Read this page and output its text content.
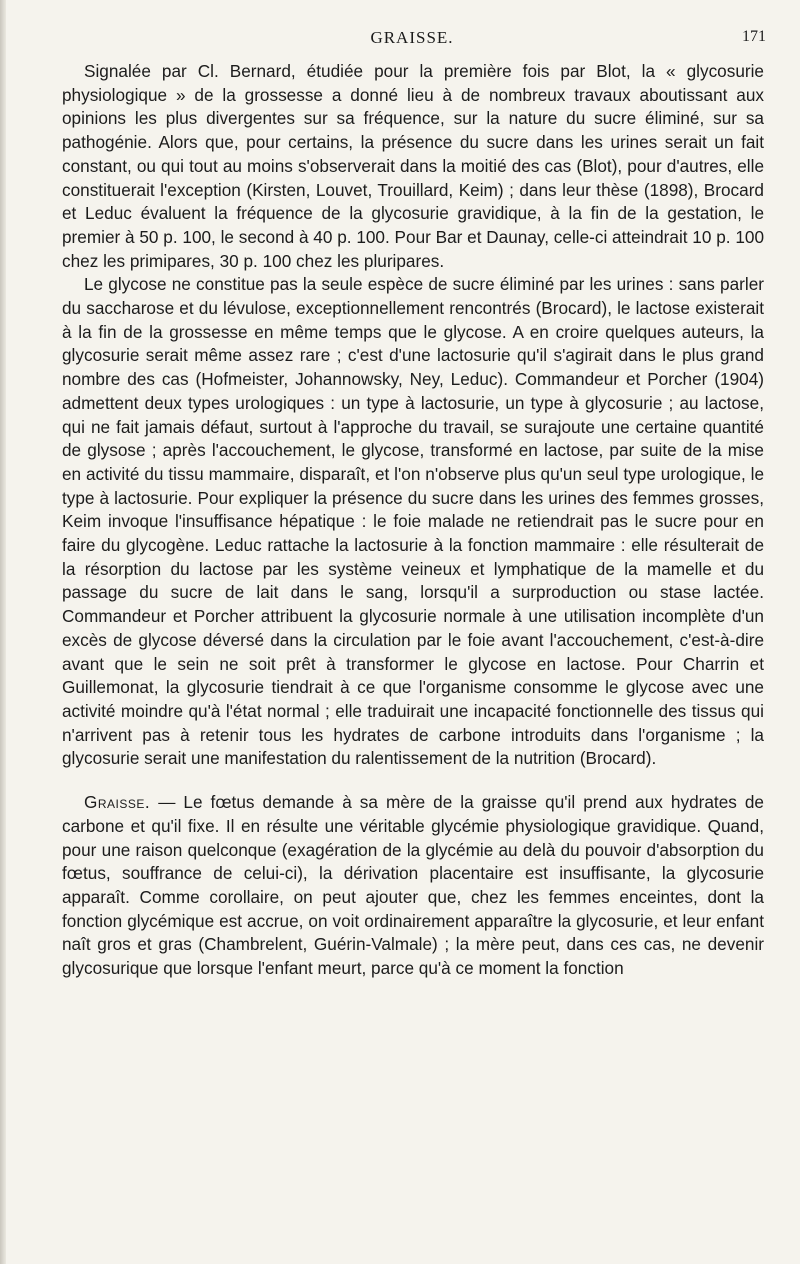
GRAISSE.	171

Signalée par Cl. Bernard, étudiée pour la première fois par Blot, la « glycosurie physiologique » de la grossesse a donné lieu à de nombreux travaux aboutissant aux opinions les plus divergentes sur sa fréquence, sur la nature du sucre éliminé, sur sa pathogénie. Alors que, pour certains, la présence du sucre dans les urines serait un fait constant, ou qui tout au moins s'observerait dans la moitié des cas (Blot), pour d'autres, elle constituerait l'exception (Kirsten, Louvet, Trouillard, Keim) ; dans leur thèse (1898), Brocard et Leduc évaluent la fréquence de la glycosurie gravidique, à la fin de la gestation, le premier à 50 p. 100, le second à 40 p. 100. Pour Bar et Daunay, celle-ci atteindrait 10 p. 100 chez les primipares, 30 p. 100 chez les pluripares.

Le glycose ne constitue pas la seule espèce de sucre éliminé par les urines : sans parler du saccharose et du lévulose, exceptionnellement rencontrés (Brocard), le lactose existerait à la fin de la grossesse en même temps que le glycose. A en croire quelques auteurs, la glycosurie serait même assez rare ; c'est d'une lactosurie qu'il s'agirait dans le plus grand nombre des cas (Hofmeister, Johannowsky, Ney, Leduc). Commandeur et Porcher (1904) admettent deux types urologiques : un type à lactosurie, un type à glycosurie ; au lactose, qui ne fait jamais défaut, surtout à l'approche du travail, se surajoute une certaine quantité de glysose ; après l'accouchement, le glycose, transformé en lactose, par suite de la mise en activité du tissu mammaire, disparaît, et l'on n'observe plus qu'un seul type urologique, le type à lactosurie. Pour expliquer la présence du sucre dans les urines des femmes grosses, Keim invoque l'insuffisance hépatique : le foie malade ne retiendrait pas le sucre pour en faire du glycogène. Leduc rattache la lactosurie à la fonction mammaire : elle résulterait de la résorption du lactose par les système veineux et lymphatique de la mamelle et du passage du sucre de lait dans le sang, lorsqu'il a surproduction ou stase lactée. Commandeur et Porcher attribuent la glycosurie normale à une utilisation incomplète d'un excès de glycose déversé dans la circulation par le foie avant l'accouchement, c'est-à-dire avant que le sein ne soit prêt à transformer le glycose en lactose. Pour Charrin et Guillemonat, la glycosurie tiendrait à ce que l'organisme consomme le glycose avec une activité moindre qu'à l'état normal ; elle traduirait une incapacité fonctionnelle des tissus qui n'arrivent pas à retenir tous les hydrates de carbone introduits dans l'organisme ; la glycosurie serait une manifestation du ralentissement de la nutrition (Brocard).

Graisse. — Le fœtus demande à sa mère de la graisse qu'il prend aux hydrates de carbone et qu'il fixe. Il en résulte une véritable glycémie physiologique gravidique. Quand, pour une raison quelconque (exagération de la glycémie au delà du pouvoir d'absorption du fœtus, souffrance de celui-ci), la dérivation placentaire est insuffisante, la glycosurie apparaît. Comme corollaire, on peut ajouter que, chez les femmes enceintes, dont la fonction glycémique est accrue, on voit ordinairement apparaître la glycosurie, et leur enfant naît gros et gras (Chambrelent, Guérin-Valmale) ; la mère peut, dans ces cas, ne devenir glycosurique que lorsque l'enfant meurt, parce qu'à ce moment la fonction
